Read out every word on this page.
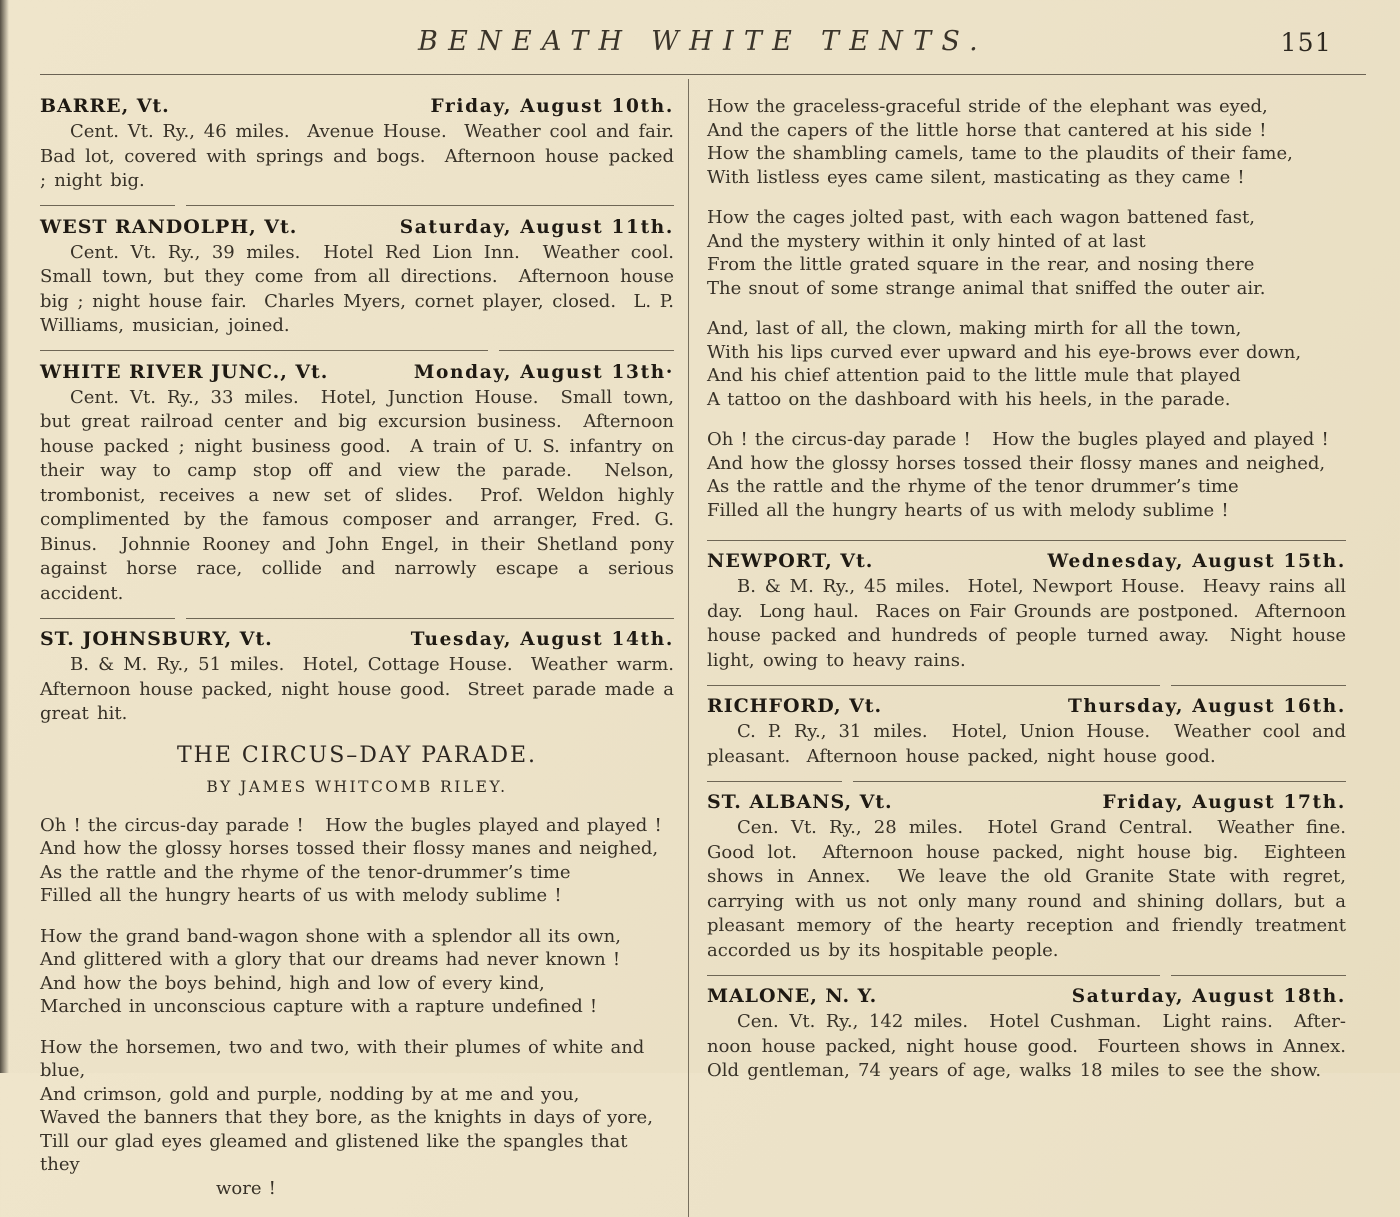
BENEATH WHITE TENTS.	151
BARRE, Vt.	Friday, August 10th.

Cent. Vt. Ry., 46 miles.  Avenue House.  Weather cool and fair.  Bad lot, covered with springs and bogs.  Afternoon house packed ; night big.

WEST RANDOLPH, Vt.	Saturday, August 11th.

Cent. Vt. Ry., 39 miles.  Hotel Red Lion Inn.  Weather cool.  Small town, but they come from all directions.  Afternoon house big ; night house fair.  Charles Myers, cornet player, closed.  L. P. Williams, musician, joined.

WHITE RIVER JUNC., Vt.	Monday, August 13th·

Cent. Vt. Ry., 33 miles.  Hotel, Junction House.  Small town, but great railroad center and big excursion business.  Afternoon house packed ; night business good.  A train of U. S. infantry on their way to camp stop off and view the parade.  Nelson, trombonist, receives a new set of slides.  Prof. Weldon highly complimented by the famous composer and arranger, Fred. G. Binus.  Johnnie Rooney and John Engel, in their Shetland pony against horse race, collide and narrowly escape a serious accident.

ST. JOHNSBURY, Vt.	Tuesday, August 14th.

B. & M. Ry., 51 miles.  Hotel, Cottage House.  Weather warm.  Afternoon house packed, night house good.  Street parade made a great hit.

THE CIRCUS–DAY PARADE.
BY JAMES WHITCOMB RILEY.
Oh ! the circus-day parade !   How the bugles played and played !
And how the glossy horses tossed their flossy manes and neighed,
As the rattle and the rhyme of the tenor-drummer’s time
Filled all the hungry hearts of us with melody sublime !
How the grand band-wagon shone with a splendor all its own,
And glittered with a glory that our dreams had never known !
And how the boys behind, high and low of every kind,
Marched in unconscious capture with a rapture undefined !
How the horsemen, two and two, with their plumes of white and blue,
And crimson, gold and purple, nodding by at me and you,
Waved the banners that they bore, as the knights in days of yore,
Till our glad eyes gleamed and glistened like the spangles that they
wore !
How the graceless-graceful stride of the elephant was eyed,
And the capers of the little horse that cantered at his side !
How the shambling camels, tame to the plaudits of their fame,
With listless eyes came silent, masticating as they came !
How the cages jolted past, with each wagon battened fast,
And the mystery within it only hinted of at last
From the little grated square in the rear, and nosing there
The snout of some strange animal that sniffed the outer air.
And, last of all, the clown, making mirth for all the town,
With his lips curved ever upward and his eye-brows ever down,
And his chief attention paid to the little mule that played
A tattoo on the dashboard with his heels, in the parade.
Oh ! the circus-day parade !   How the bugles played and played !
And how the glossy horses tossed their flossy manes and neighed,
As the rattle and the rhyme of the tenor drummer’s time
Filled all the hungry hearts of us with melody sublime !
NEWPORT, Vt.	Wednesday, August 15th.

B. & M. Ry., 45 miles.  Hotel, Newport House.  Heavy rains all day.  Long haul.  Races on Fair Grounds are postponed.  Afternoon house packed and hundreds of people turned away.  Night house light, owing to heavy rains.

RICHFORD, Vt.	Thursday, August 16th.

C. P. Ry., 31 miles.  Hotel, Union House.  Weather cool and pleasant.  Afternoon house packed, night house good.

ST. ALBANS, Vt.	Friday, August 17th.

Cen. Vt. Ry., 28 miles.  Hotel Grand Central.  Weather fine.  Good lot.  Afternoon house packed, night house big.  Eighteen shows in Annex.  We leave the old Granite State with regret, carrying with us not only many round and shining dollars, but a pleasant memory of the hearty reception and friendly treatment accorded us by its hospitable people.

MALONE, N. Y.	Saturday, August 18th.

Cen. Vt. Ry., 142 miles.  Hotel Cushman.  Light rains.  Afternoon house packed, night house good.  Fourteen shows in Annex.  Old gentleman, 74 years of age, walks 18 miles to see the show.
